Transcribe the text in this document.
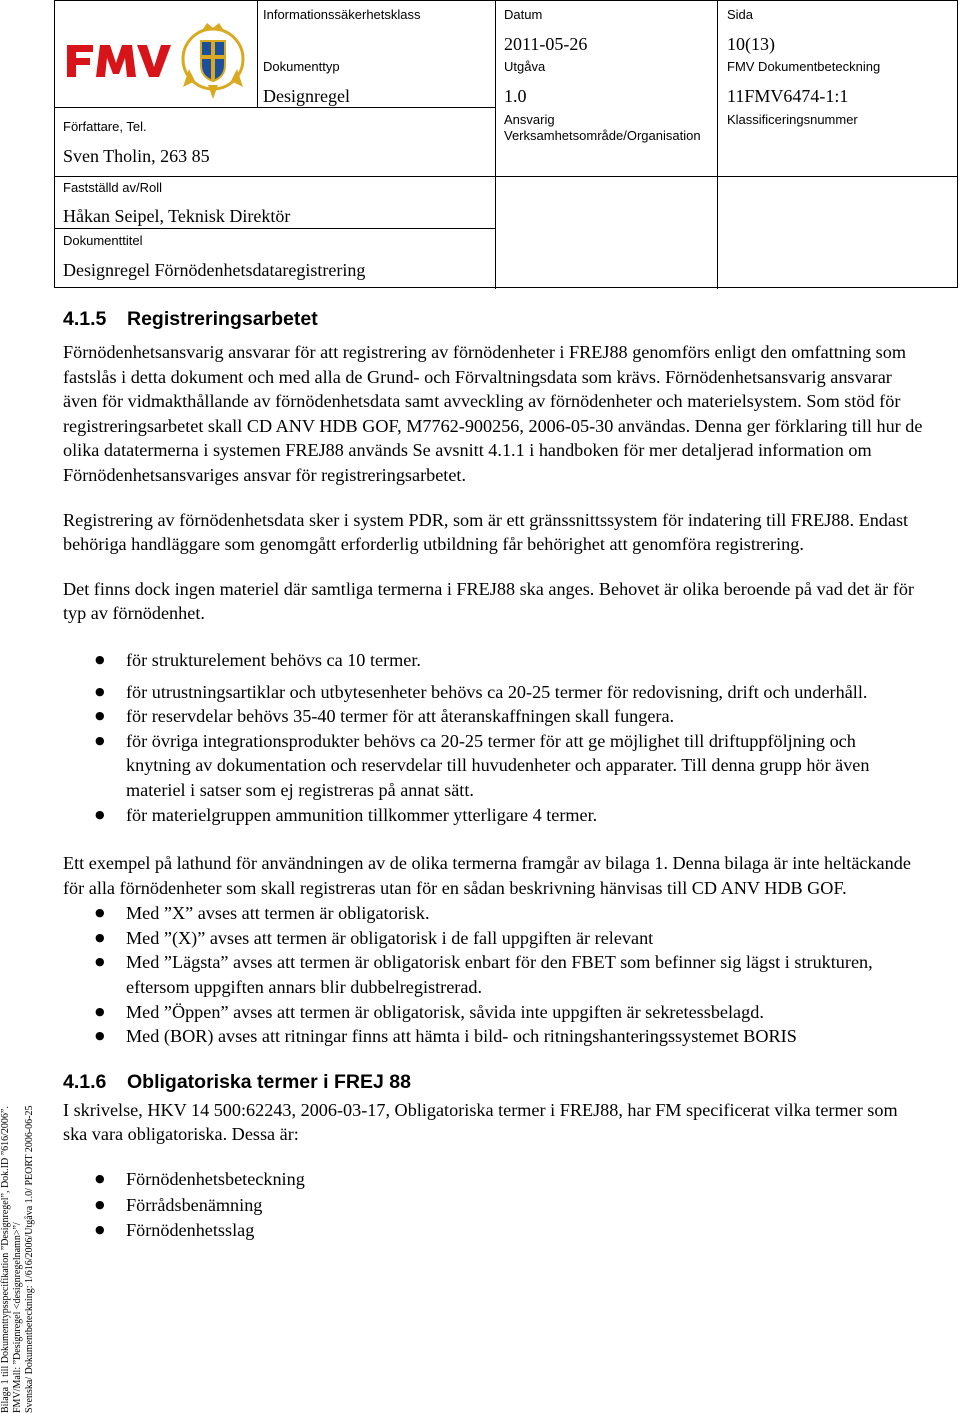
FMV	Informationssäkerhetsklass
Dokumenttyp
Designregel
Datum
2011-05-26
Utgåva
1.0
Ansvarig Verksamhetsområde/Organisation
Sida
10(13)
FMV Dokumentbeteckning
11FMV6474-1:1
Klassificeringsnummer
Författare, Tel.
Sven Tholin, 263 85
Fastställd av/Roll
Håkan Seipel, Teknisk Direktör
Dokumenttitel
Designregel Förnödenhetsdataregistrering
4.1.5 Registreringsarbetet

Förnödenhetsansvarig ansvarar för att registrering av förnödenheter i FREJ88 genomförs enligt den omfattning som fastslås i detta dokument och med alla de Grund- och Förvaltningsdata som krävs. Förnödenhetsansvarig ansvarar även för vidmakthållande av förnödenhetsdata samt avveckling av förnödenheter och materielsystem. Som stöd för registreringsarbetet skall CD ANV HDB GOF, M7762-900256, 2006-05-30 användas. Denna ger förklaring till hur de olika datatermerna i systemen FREJ88 används Se avsnitt 4.1.1 i handboken för mer detaljerad information om Förnödenhetsansvariges ansvar för registreringsarbetet.

Registrering av förnödenhetsdata sker i system PDR, som är ett gränssnittssystem för indatering till FREJ88. Endast behöriga handläggare som genomgått erforderlig utbildning får behörighet att genomföra registrering.

Det finns dock ingen materiel där samtliga termerna i FREJ88 ska anges. Behovet är olika beroende på vad det är för typ av förnödenhet.

● för strukturelement behövs ca 10 termer.
● för utrustningsartiklar och utbytesenheter behövs ca 20-25 termer för redovisning, drift och underhåll.
● för reservdelar behövs 35-40 termer för att återanskaffningen skall fungera.
● för övriga integrationsprodukter behövs ca 20-25 termer för att ge möjlighet till driftuppföljning och knytning av dokumentation och reservdelar till huvudenheter och apparater. Till denna grupp hör även materiel i satser som ej registreras på annat sätt.
● för materielgruppen ammunition tillkommer ytterligare 4 termer.

Ett exempel på lathund för användningen av de olika termerna framgår av bilaga 1. Denna bilaga är inte heltäckande för alla förnödenheter som skall registreras utan för en sådan beskrivning hänvisas till CD ANV HDB GOF.

● Med ”X” avses att termen är obligatorisk.
● Med ”(X)” avses att termen är obligatorisk i de fall uppgiften är relevant
● Med ”Lägsta” avses att termen är obligatorisk enbart för den FBET som befinner sig lägst i strukturen, eftersom uppgiften annars blir dubbelregistrerad.
● Med ”Öppen” avses att termen är obligatorisk, såvida inte uppgiften är sekretessbelagd.
● Med (BOR) avses att ritningar finns att hämta i bild- och ritningshanteringssystemet BORIS
4.1.6 Obligatoriska termer i FREJ 88

I skrivelse, HKV 14 500:62243, 2006-03-17, Obligatoriska termer i FREJ88, har FM specificerat vilka termer som ska vara obligatoriska. Dessa är:

● Förnödenhetsbeteckning
● Förrådsbenämning
● Förnödenhetsslag
Bilaga 1 till Dokumenttypsspecifikation ”Designregel”, Dok.ID ”616/2006”. FMV/Mall: ”Designregel <designregelnamn>”/ Svenska/ Dokumentbeteckning: 1/616/2006/Utgåva 1.0/ PEORT 2006-06-25
